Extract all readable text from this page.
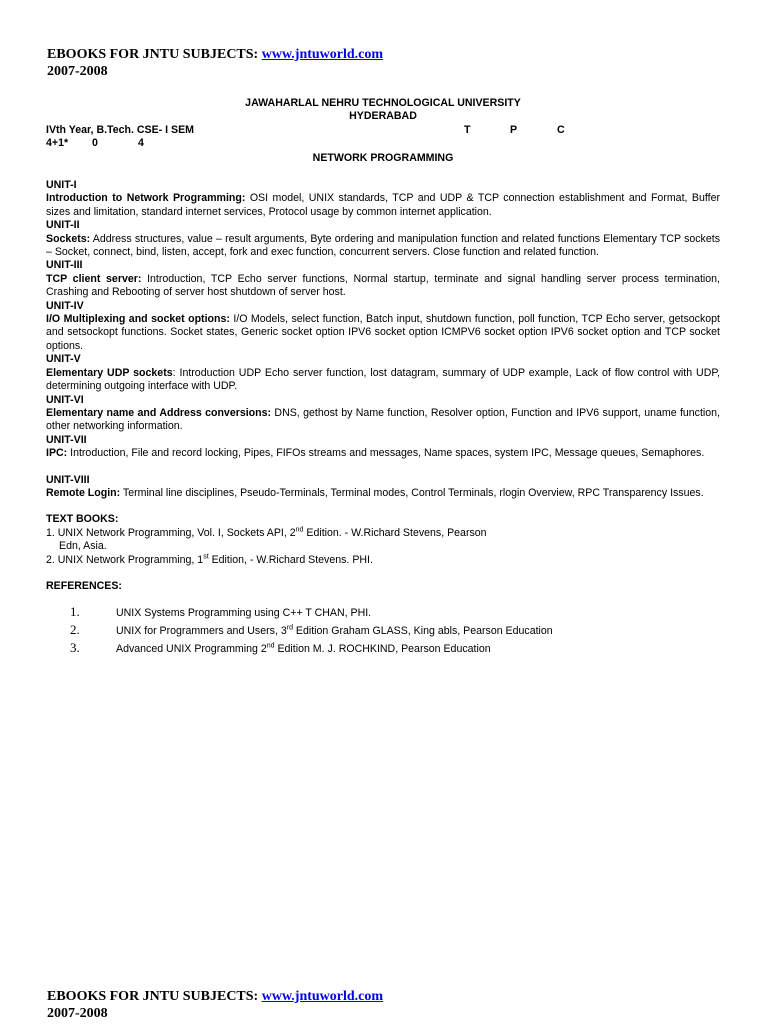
EBOOKS FOR JNTU SUBJECTS: www.jntuworld.com
2007-2008
JAWAHARLAL NEHRU TECHNOLOGICAL UNIVERSITY
HYDERABAD
IVth Year, B.Tech. CSE- I SEM	T	P	C
4+1* 0	4
NETWORK PROGRAMMING
UNIT-I

Introduction to Network Programming: OSI model, UNIX standards, TCP and UDP & TCP connection establishment and Format, Buffer sizes and limitation, standard internet services, Protocol usage by common internet application.

UNIT-II

Sockets: Address structures, value – result arguments, Byte ordering and manipulation function and related functions Elementary TCP sockets – Socket, connect, bind, listen, accept, fork and exec function, concurrent servers. Close function and related function.

UNIT-III

TCP client server: Introduction, TCP Echo server functions, Normal startup, terminate and signal handling server process termination, Crashing and Rebooting of server host shutdown of server host.

UNIT-IV

I/O Multiplexing and socket options: I/O Models, select function, Batch input, shutdown function, poll function, TCP Echo server, getsockopt and setsockopt functions. Socket states, Generic socket option IPV6 socket option ICMPV6 socket option IPV6 socket option and TCP socket options.

UNIT-V

Elementary UDP sockets: Introduction UDP Echo server function, lost datagram, summary of UDP example, Lack of flow control with UDP, determining outgoing interface with UDP.

UNIT-VI

Elementary name and Address conversions: DNS, gethost by Name function, Resolver option, Function and IPV6 support, uname function, other networking information.

UNIT-VII

IPC: Introduction, File and record locking, Pipes, FIFOs streams and messages, Name spaces, system IPC, Message queues, Semaphores.

UNIT-VIII

Remote Login: Terminal line disciplines, Pseudo-Terminals, Terminal modes, Control Terminals, rlogin Overview, RPC Transparency Issues.

TEXT BOOKS:
1. UNIX Network Programming, Vol. I, Sockets API, 2nd Edition. - W.Richard Stevens, Pearson
Edn, Asia.
2. UNIX Network Programming, 1st Edition, - W.Richard Stevens. PHI.
REFERENCES:
1.	UNIX Systems Programming using C++ T CHAN, PHI.
2.	UNIX for Programmers and Users, 3rd Edition Graham GLASS, King abls, Pearson Education
3.	Advanced UNIX Programming 2nd Edition M. J. ROCHKIND, Pearson Education
EBOOKS FOR JNTU SUBJECTS: www.jntuworld.com
2007-2008
